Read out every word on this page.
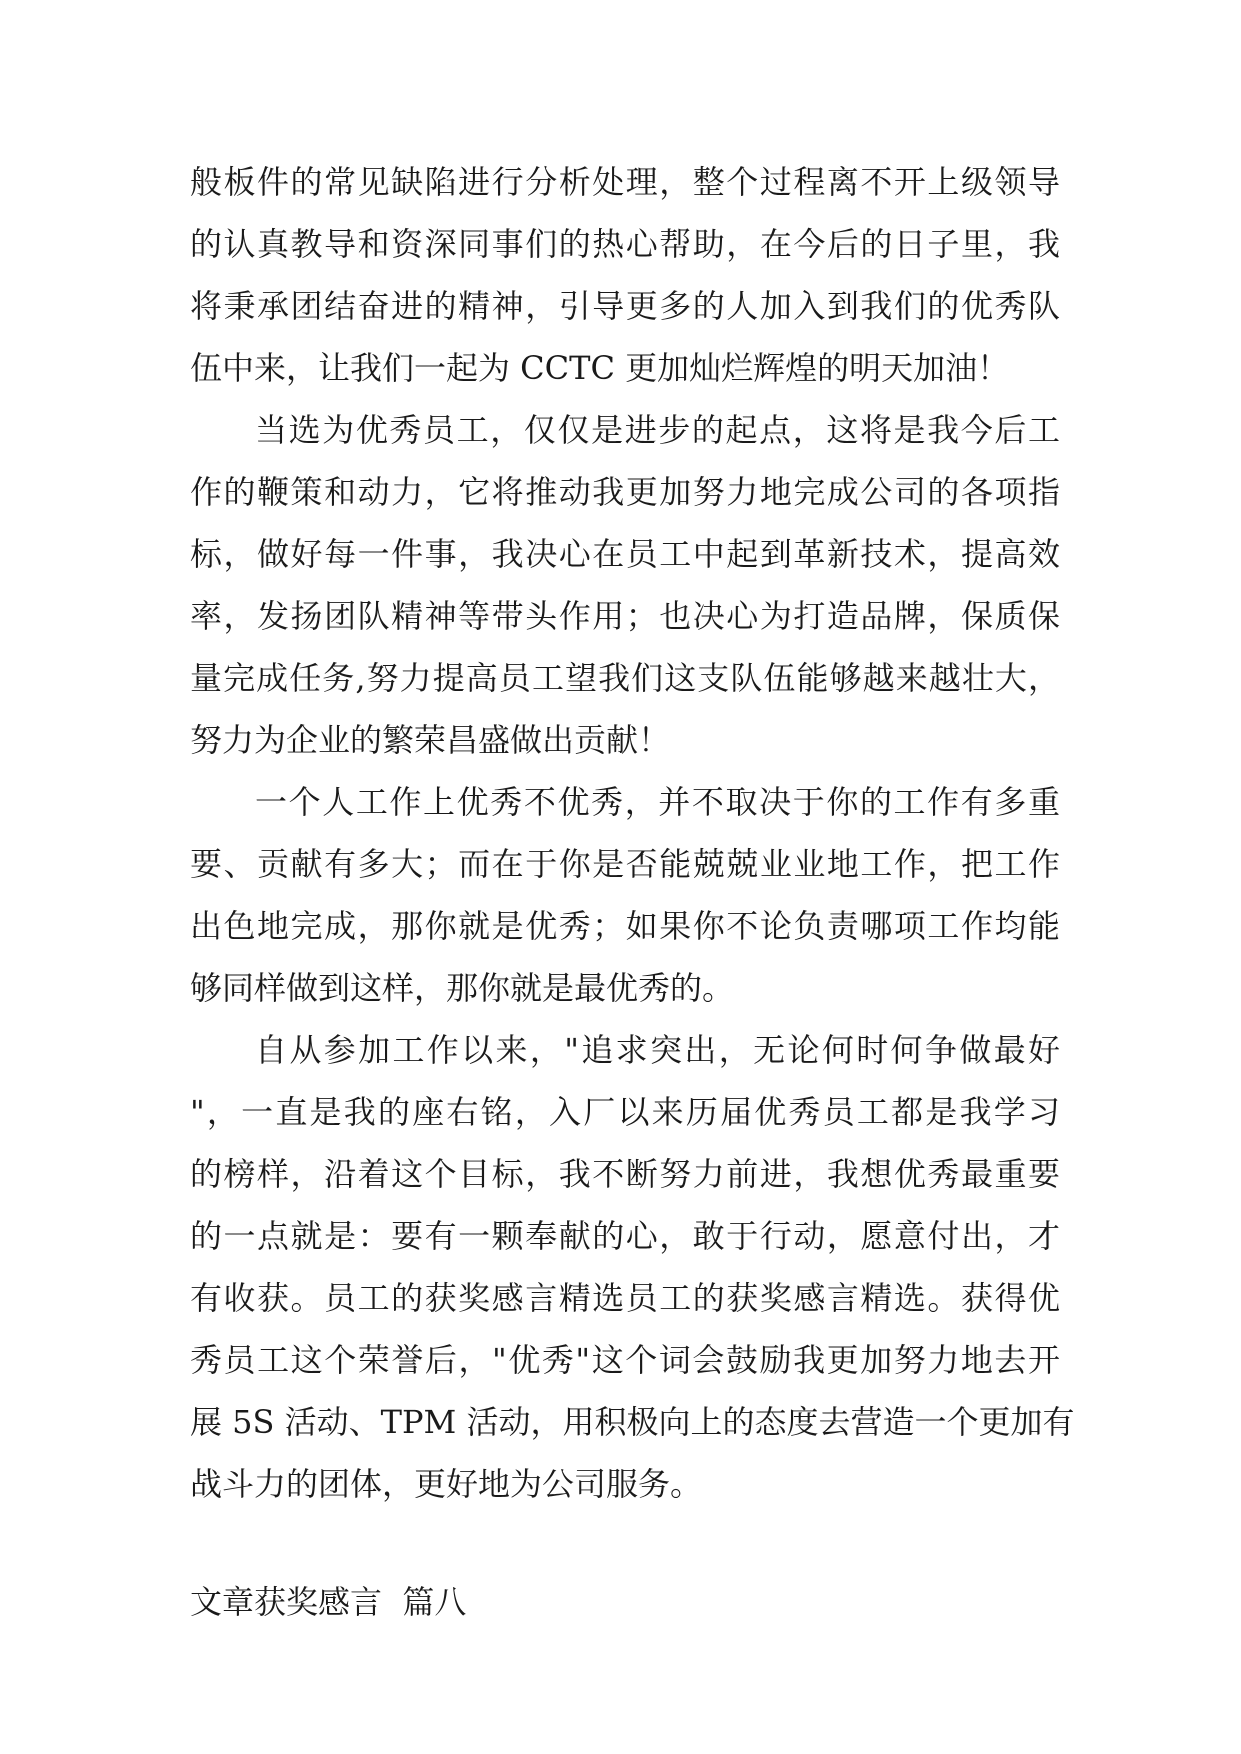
般板件的常见缺陷进行分析处理，整个过程离不开上级领导
的认真教导和资深同事们的热心帮助，在今后的日子里，我
将秉承团结奋进的精神，引导更多的人加入到我们的优秀队
伍中来，让我们一起为 CCTC 更加灿烂辉煌的明天加油！
当选为优秀员工，仅仅是进步的起点，这将是我今后工
作的鞭策和动力，它将推动我更加努力地完成公司的各项指
标，做好每一件事，我决心在员工中起到革新技术，提高效
率，发扬团队精神等带头作用；也决心为打造品牌，保质保
量完成任务,努力提高员工望我们这支队伍能够越来越壮大，
努力为企业的繁荣昌盛做出贡献！
一个人工作上优秀不优秀，并不取决于你的工作有多重
要、贡献有多大；而在于你是否能兢兢业业地工作，把工作
出色地完成，那你就是优秀；如果你不论负责哪项工作均能
够同样做到这样，那你就是最优秀的。
自从参加工作以来，"追求突出，无论何时何争做最好
"，一直是我的座右铭，入厂以来历届优秀员工都是我学习
的榜样，沿着这个目标，我不断努力前进，我想优秀最重要
的一点就是：要有一颗奉献的心，敢于行动，愿意付出，才
有收获。员工的获奖感言精选员工的获奖感言精选。获得优
秀员工这个荣誉后，"优秀"这个词会鼓励我更加努力地去开
展 5S 活动、TPM 活动，用积极向上的态度去营造一个更加有
战斗力的团体，更好地为公司服务。
文章获奖感言  篇八
